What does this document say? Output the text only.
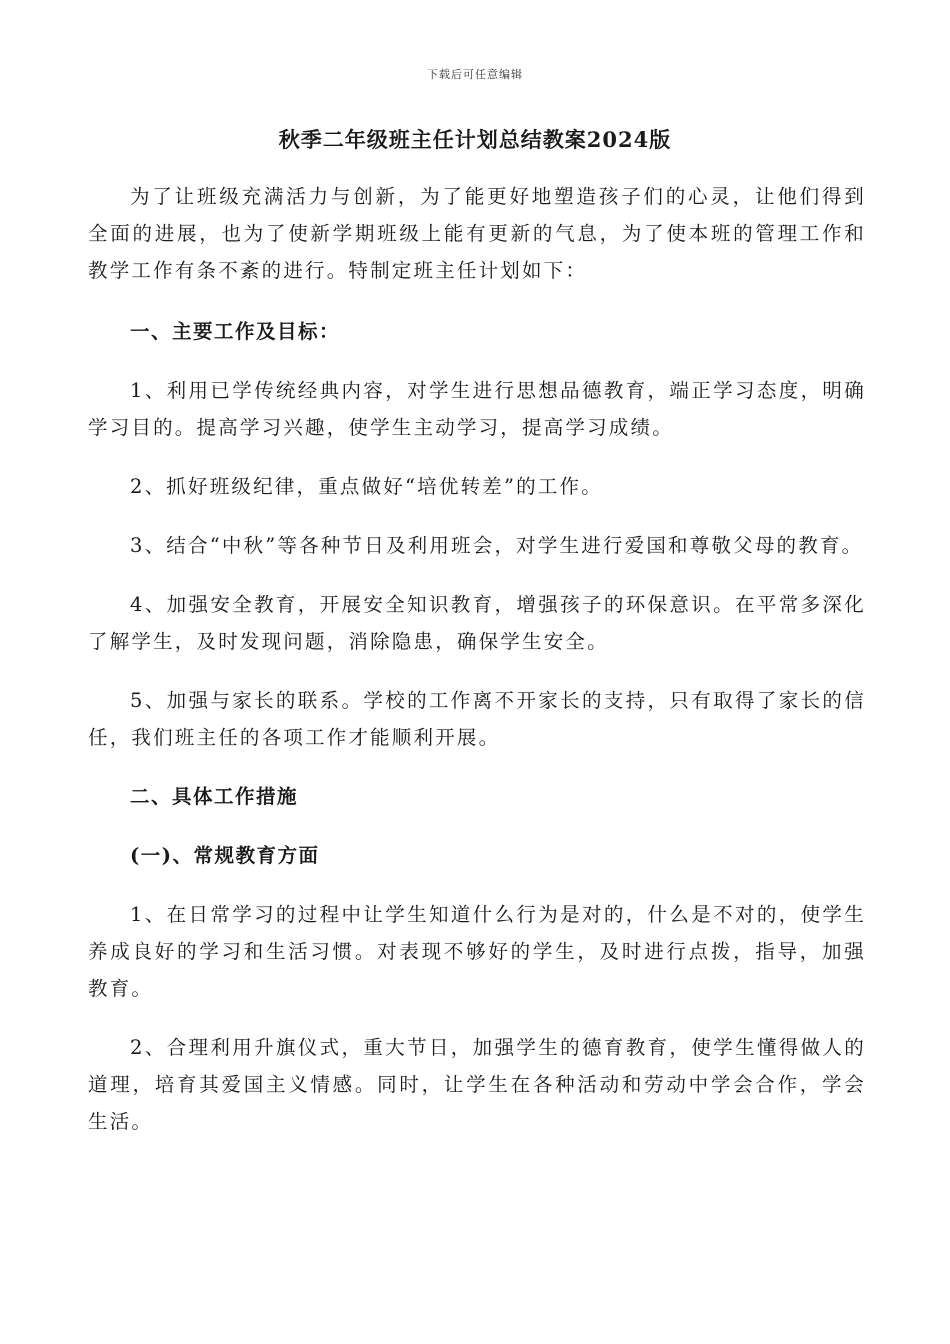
下载后可任意编辑
秋季二年级班主任计划总结教案2024版

为了让班级充满活力与创新，为了能更好地塑造孩子们的心灵，让他们得到全面的进展，也为了使新学期班级上能有更新的气息，为了使本班的管理工作和教学工作有条不紊的进行。特制定班主任计划如下：

一、主要工作及目标：

1、利用已学传统经典内容，对学生进行思想品德教育，端正学习态度，明确学习目的。提高学习兴趣，使学生主动学习，提高学习成绩。

2、抓好班级纪律，重点做好“培优转差”的工作。

3、结合“中秋”等各种节日及利用班会，对学生进行爱国和尊敬父母的教育。

4、加强安全教育，开展安全知识教育，增强孩子的环保意识。在平常多深化了解学生，及时发现问题，消除隐患，确保学生安全。

5、加强与家长的联系。学校的工作离不开家长的支持，只有取得了家长的信任，我们班主任的各项工作才能顺利开展。

二、具体工作措施

(一)、常规教育方面

1、在日常学习的过程中让学生知道什么行为是对的，什么是不对的，使学生养成良好的学习和生活习惯。对表现不够好的学生，及时进行点拨，指导，加强教育。

2、合理利用升旗仪式，重大节日，加强学生的德育教育，使学生懂得做人的道理，培育其爱国主义情感。同时，让学生在各种活动和劳动中学会合作，学会生活。
